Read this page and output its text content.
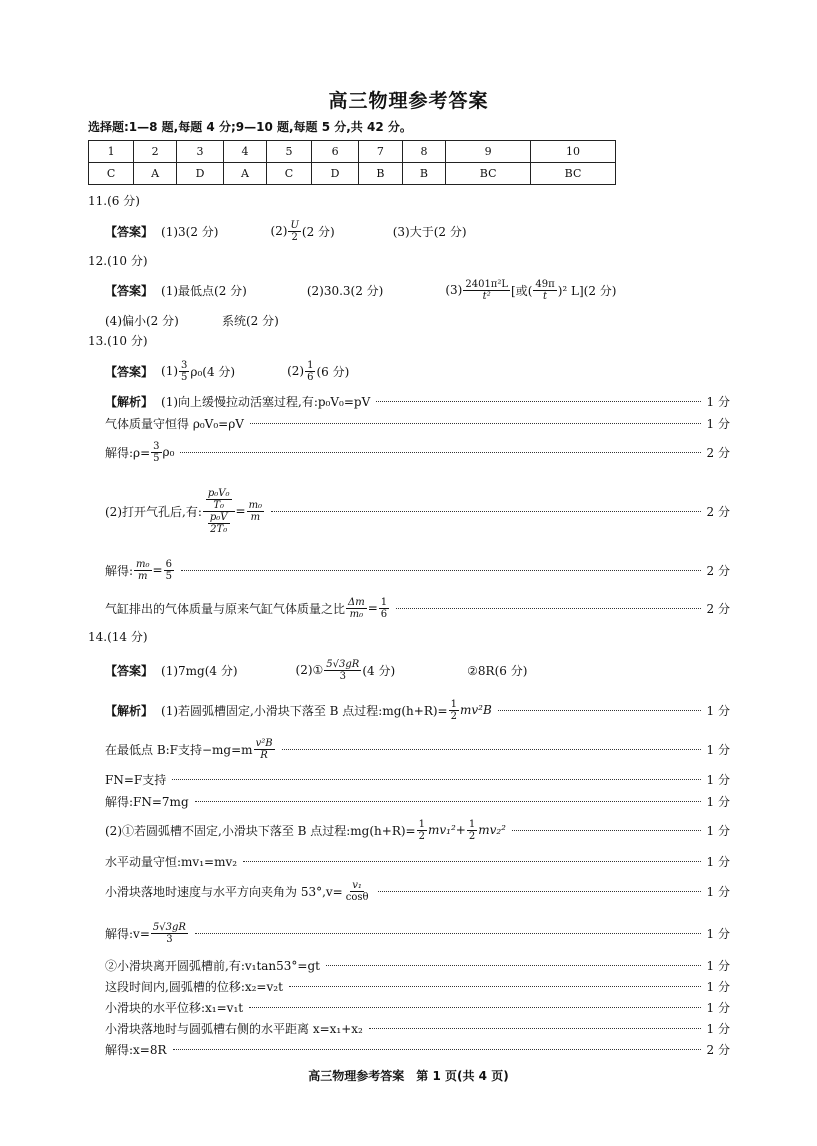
高三物理参考答案
选择题:1—8 题,每题 4 分;9—10 题,每题 5 分,共 42 分。
1	2	3	4	5	6	7	8	9	10
C	A	D	A	C	D	B	B	BC	BC
11.(6 分)
【答案】 (1)3(2 分)	$(2) \frac{U}{2} (2$ 分)	(3)大于(2 分)
12.(10 分)
【答案】 (1)最低点(2 分)	(2)30.3(2 分)	$(3) \frac{\text{2401π²L}}{\text{t²}}$ [或( $\frac{49\pi}{t} )^2$ L](2 分)
(4)偏小(2 分)	系统(2 分)
13.(10 分)
【答案】 $(1) \frac{3}{5} \rho_0(4$ 分)	$(2) \frac{1}{6} (6$ 分)
【解析】 (1)向上缓慢拉动活塞过程,有:p₀V₀=pV	1 分
气体质量守恒得 ρ₀V₀=ρV	1 分
解得:ρ= $\frac{3}{5} \rho_0$	2 分
(2)打开气孔后,有: $\frac{\frac{\text{p₀V₀}}{\text{T₀}}}{\frac{\text{p₀V}}{\text{2T₀}}} = \frac{\text{m₀}}{m}$	2 分
解得: $\frac{\text{m₀}}{m} = \frac{6}{5}$	2 分
气缸排出的气体质量与原来气缸气体质量之比 $\frac{\Delta m}{\text{m₀}} = \frac{1}{6}$	2 分
14.(14 分)
【答案】 (1)7mg(4 分)	(2)① $\frac{5√3gR}{3} (4$ 分)	②8R(6 分)
【解析】 (1)若圆弧槽固定,小滑块下落至 B 点过程:mg(h+R)= $\frac{1}{2} mv^2B$	1 分
在最低点 B:F支持$-mg=m \frac{\text{v²B}}{R}$	1 分
FN=F支持	1 分
解得:FN=7mg	1 分
(2)①若圆弧槽不固定,小滑块下落至 B 点过程:mg(h+R)= $\frac{1}{2} mv_1^2+ \frac{1}{2} mv_2^2$	1 分
水平动量守恒:mv₁=mv₂	1 分
小滑块落地时速度与水平方向夹角为 $53^\circ,v= \frac{\text{v₁}}{\cos\theta}$	1 分
解得:v= $\frac{5√3gR}{3}$	1 分
②小滑块离开圆弧槽前,有:v₁tan53°=gt	1 分
这段时间内,圆弧槽的位移:x₂=v₂t	1 分
小滑块的水平位移:x₁=v₁t	1 分
小滑块落地时与圆弧槽右侧的水平距离 x=x₁+x₂	1 分
解得:x=8R	2 分
高三物理参考答案　第 1 页(共 4 页)
